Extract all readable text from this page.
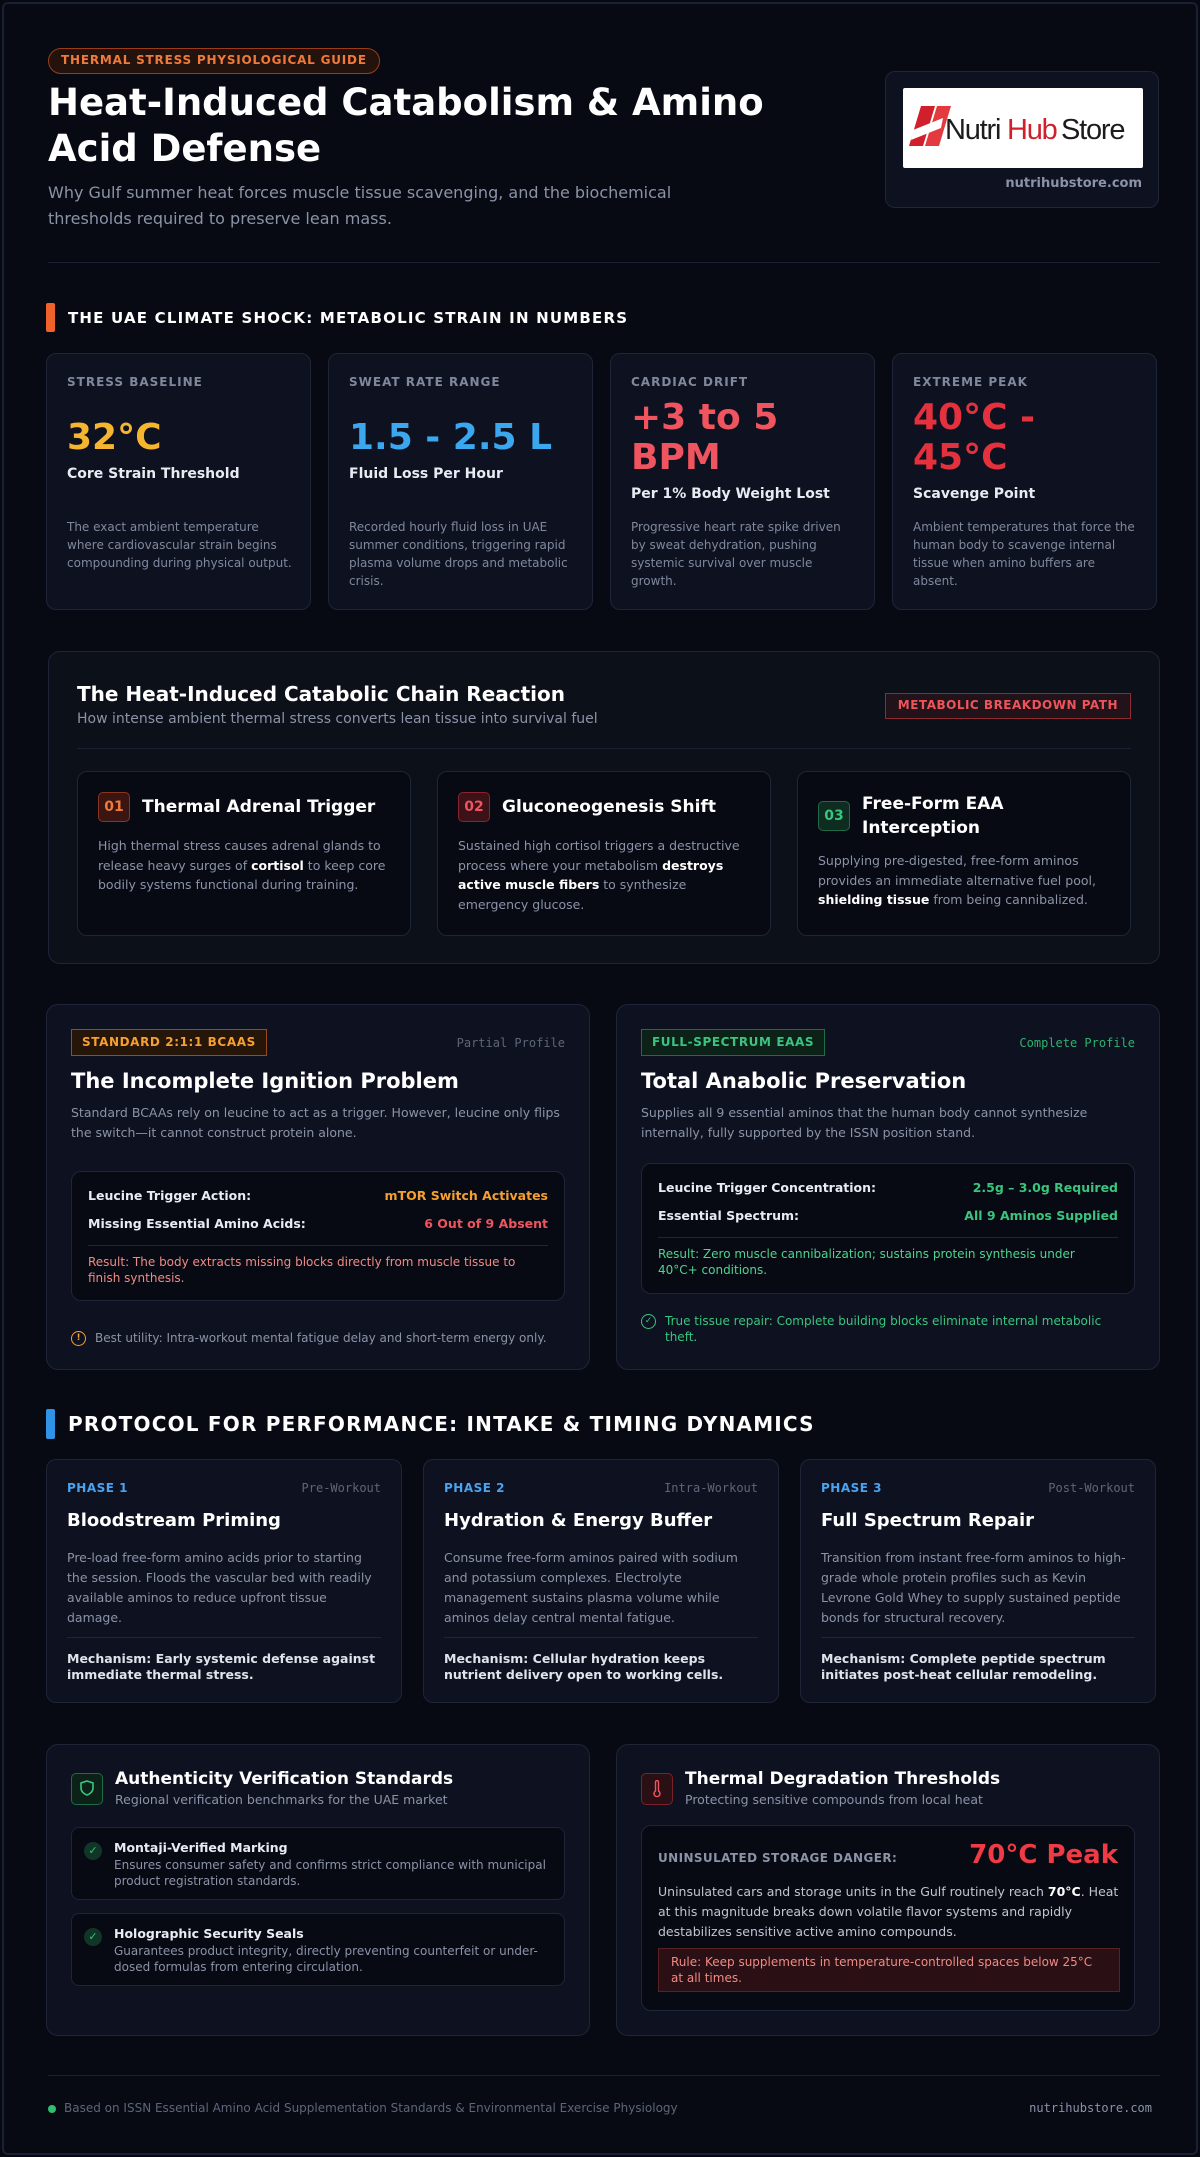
THERMAL STRESS PHYSIOLOGICAL GUIDE
Heat-Induced Catabolism & Amino Acid Defense
Why Gulf summer heat forces muscle tissue scavenging, and the biochemical thresholds required to preserve lean mass.
Nutri Hub Store
nutrihubstore.com
THE UAE CLIMATE SHOCK: METABOLIC STRAIN IN NUMBERS
STRESS BASELINE
32°C
Core Strain Threshold
The exact ambient temperature where cardiovascular strain begins compounding during physical output.
SWEAT RATE RANGE
1.5 - 2.5 L
Fluid Loss Per Hour
Recorded hourly fluid loss in UAE summer conditions, triggering rapid plasma volume drops and metabolic crisis.
CARDIAC DRIFT
+3 to 5 BPM
Per 1% Body Weight Lost
Progressive heart rate spike driven by sweat dehydration, pushing systemic survival over muscle growth.
EXTREME PEAK
40°C - 45°C
Scavenge Point
Ambient temperatures that force the human body to scavenge internal tissue when amino buffers are absent.
The Heat-Induced Catabolic Chain Reaction
How intense ambient thermal stress converts lean tissue into survival fuel
METABOLIC BREAKDOWN PATH
01	Thermal Adrenal Trigger
High thermal stress causes adrenal glands to release heavy surges of cortisol to keep core bodily systems functional during training.
02	Gluconeogenesis Shift
Sustained high cortisol triggers a destructive process where your metabolism destroys active muscle fibers to synthesize emergency glucose.
03
Free-Form EAA Interception
Supplying pre-digested, free-form aminos provides an immediate alternative fuel pool, shielding tissue from being cannibalized.
STANDARD 2:1:1 BCAAS	Partial Profile
The Incomplete Ignition Problem
Standard BCAAs rely on leucine to act as a trigger. However, leucine only flips the switch—it cannot construct protein alone.
Leucine Trigger Action:	mTOR Switch Activates
Missing Essential Amino Acids:	6 Out of 9 Absent
Result: The body extracts missing blocks directly from muscle tissue to finish synthesis.
!	Best utility: Intra-workout mental fatigue delay and short-term energy only.
FULL-SPECTRUM EAAS	Complete Profile
Total Anabolic Preservation
Supplies all 9 essential aminos that the human body cannot synthesize internally, fully supported by the ISSN position stand.
Leucine Trigger Concentration:	2.5g – 3.0g Required
Essential Spectrum:	All 9 Aminos Supplied
Result: Zero muscle cannibalization; sustains protein synthesis under 40°C+ conditions.
✓	True tissue repair: Complete building blocks eliminate internal metabolic theft.
PROTOCOL FOR PERFORMANCE: INTAKE & TIMING DYNAMICS
PHASE 1	Pre-Workout
Bloodstream Priming
Pre-load free-form amino acids prior to starting the session. Floods the vascular bed with readily available aminos to reduce upfront tissue damage.
Mechanism: Early systemic defense against immediate thermal stress.
PHASE 2	Intra-Workout
Hydration & Energy Buffer
Consume free-form aminos paired with sodium and potassium complexes. Electrolyte management sustains plasma volume while aminos delay central mental fatigue.
Mechanism: Cellular hydration keeps nutrient delivery open to working cells.
PHASE 3	Post-Workout
Full Spectrum Repair
Transition from instant free-form aminos to high-grade whole protein profiles such as Kevin Levrone Gold Whey to supply sustained peptide bonds for structural recovery.
Mechanism: Complete peptide spectrum initiates post-heat cellular remodeling.
Authenticity Verification Standards
Regional verification benchmarks for the UAE market
✓	Montaji-Verified Marking
Ensures consumer safety and confirms strict compliance with municipal product registration standards.
✓	Holographic Security Seals
Guarantees product integrity, directly preventing counterfeit or under-dosed formulas from entering circulation.
Thermal Degradation Thresholds
Protecting sensitive compounds from local heat
UNINSULATED STORAGE DANGER:	70°C Peak
Uninsulated cars and storage units in the Gulf routinely reach 70°C. Heat at this magnitude breaks down volatile flavor systems and rapidly destabilizes sensitive active amino compounds.
Rule: Keep supplements in temperature-controlled spaces below 25°C at all times.
Based on ISSN Essential Amino Acid Supplementation Standards & Environmental Exercise Physiology	nutrihubstore.com
